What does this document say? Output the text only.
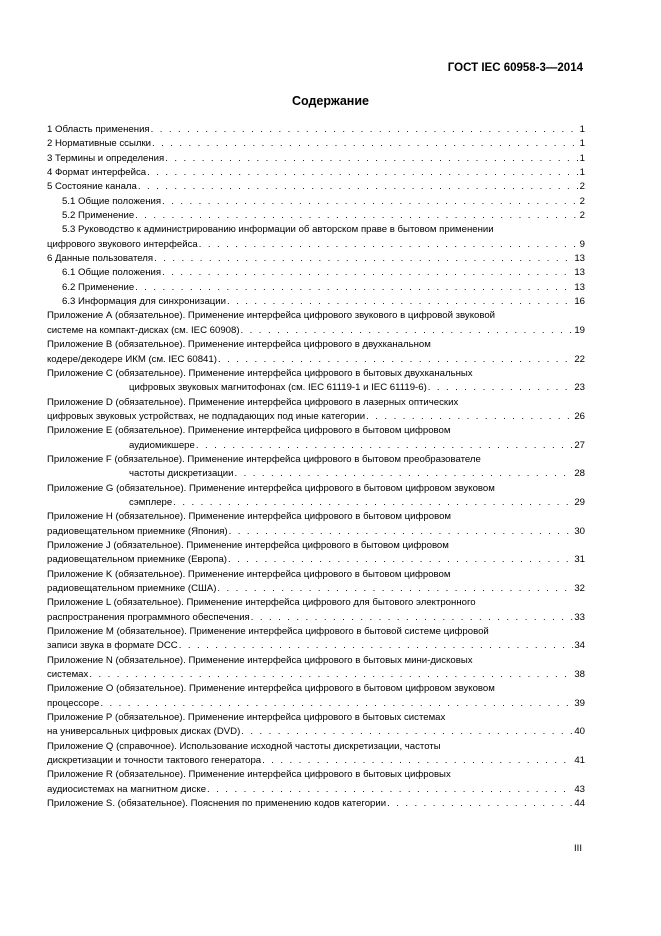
ГОСТ IEC 60958-3—2014
Содержание
1 Область применения . . .	1
2 Нормативные ссылки . . .	1
3 Термины и определения . . .	1
4 Формат интерфейса . . .	1
5 Состояние канала . . .	2
5.1 Общие положения . . .	2
5.2 Применение . . .	2
5.3 Руководство к администрированию информации об авторском праве в бытовом применении
цифрового звукового интерфейса . . .	9
6 Данные пользователя . . .	13
6.1 Общие положения . . .	13
6.2 Применение . . .	13
6.3 Информация для синхронизации . . .	16
Приложение А (обязательное). Применение интерфейса цифрового звукового в цифровой звуковой
системе на компакт-дисках (см. IEC 60908) . . .	19
Приложение В (обязательное). Применение интерфейса цифрового в двухканальном
кодере/декодере ИКМ (см. IEC 60841) . . .	22
Приложение С (обязательное). Применение интерфейса цифрового в бытовых двухканальных
цифровых звуковых магнитофонах (см. IEC 61119-1 и IEC 61119-6) . . .	23
Приложение D (обязательное). Применение интерфейса цифрового в лазерных оптических
цифровых звуковых устройствах, не подпадающих под иные категории . . .	26
Приложение Е (обязательное). Применение интерфейса цифрового в бытовом цифровом
аудиомикшере . . .	27
Приложение F (обязательное). Применение интерфейса цифрового в бытовом преобразователе
частоты дискретизации . . .	28
Приложение G (обязательное). Применение интерфейса цифрового в бытовом цифровом звуковом
сэмплере . . .	29
Приложение Н (обязательное). Применение интерфейса цифрового в бытовом цифровом
радиовещательном приемнике (Япония) . . .	30
Приложение J (обязательное). Применение интерфейса цифрового в бытовом цифровом
радиовещательном приемнике (Европа) . . .	31
Приложение K (обязательное). Применение интерфейса цифрового в бытовом цифровом
радиовещательном приемнике (США) . . .	32
Приложение L (обязательное). Применение интерфейса цифрового для бытового электронного
распространения программного обеспечения . . .	33
Приложение М (обязательное). Применение интерфейса цифрового в бытовой системе цифровой
записи звука в формате DCC . . .	34
Приложение N (обязательное). Применение интерфейса цифрового в бытовых мини-дисковых
системах . . .	38
Приложение О (обязательное). Применение интерфейса цифрового в бытовом цифровом звуковом
процессоре . . .	39
Приложение Р (обязательное). Применение интерфейса цифрового в бытовых системах
на универсальных цифровых дисках (DVD) . . .	40
Приложение Q (справочное). Использование исходной частоты дискретизации, частоты
дискретизации и точности тактового генератора . . .	41
Приложение R (обязательное). Применение интерфейса цифрового в бытовых цифровых
аудиосистемах на магнитном диске . . .	43
Приложение S. (обязательное). Пояснения по применению кодов категории . . .	44
III
